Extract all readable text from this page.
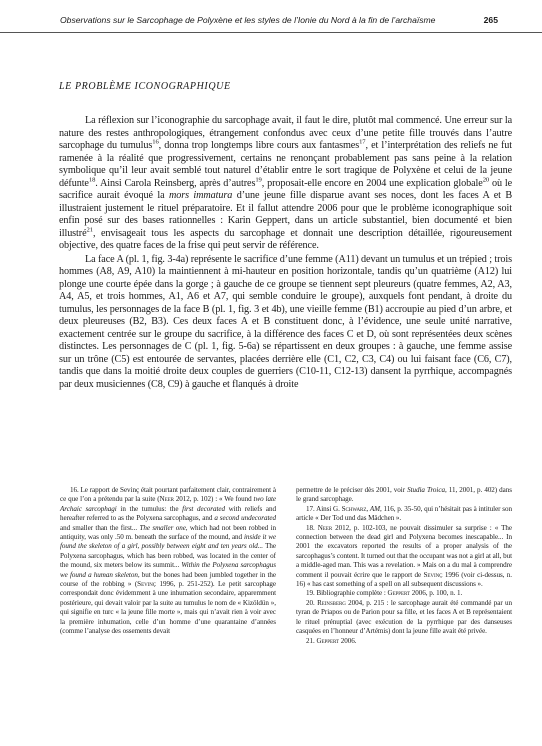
Observations sur le Sarcophage de Polyxène et les styles de l’Ionie du Nord à la fin de l’archaïsme	265
LE PROBLÈME ICONOGRAPHIQUE

La réflexion sur l’iconographie du sarcophage avait, il faut le dire, plutôt mal commencé. Une erreur sur la nature des restes anthropologiques, étrangement confondus avec ceux d’une petite fille trouvés dans l’autre sarcophage du tumulus$^{16}$, donna trop longtemps libre cours aux fantasmes$^{17}$, et l’interprétation des reliefs ne fut ramenée à la réalité que progressivement, certains ne renonçant probablement pas sans peine à la relation symbolique qu’il leur avait semblé tout naturel d’établir entre le sort tragique de Polyxène et celui de la jeune défunte$^{18}$. Ainsi Carola Reinsberg, après d’autres$^{19}$, proposait-elle encore en 2004 une explication globale$^{20}$ où le sacrifice aurait évoqué la mors immatura d’une jeune fille disparue avant ses noces, dont les faces A et B illustraient justement le rituel préparatoire. Et il fallut attendre 2006 pour que le problème iconographique soit enfin posé sur des bases rationnelles : Karin Geppert, dans un article substantiel, bien documenté et bien illustré$^{21}$, envisageait tous les aspects du sarcophage et donnait une description détaillée, rigoureusement objective, des quatre faces de la frise qui peut servir de référence.

La face A (pl. 1, fig. 3-4a) représente le sacrifice d’une femme (A11) devant un tumulus et un trépied ; trois hommes (A8, A9, A10) la maintiennent à mi-hauteur en position horizontale, tandis qu’un quatrième (A12) lui plonge une courte épée dans la gorge ; à gauche de ce groupe se tiennent sept pleureurs (quatre femmes, A2, A3, A4, A5, et trois hommes, A1, A6 et A7, qui semble conduire le groupe), auxquels font pendant, à droite du tumulus, les personnages de la face B (pl. 1, fig. 3 et 4b), une vieille femme (B1) accroupie au pied d’un arbre, et deux pleureuses (B2, B3). Ces deux faces A et B constituent donc, à l’évidence, une seule unité narrative, exactement centrée sur le groupe du sacrifice, à la différence des faces C et D, où sont représentées deux scènes distinctes. Les personnages de C (pl. 1, fig. 5-6a) se répartissent en deux groupes : à gauche, une femme assise sur un trône (C5) est entourée de servantes, placées derrière elle (C1, C2, C3, C4) ou lui faisant face (C6, C7), tandis que dans la moitié droite deux couples de guerriers (C10-11, C12-13) dansent la pyrrhique, accompagnés par deux musiciennes (C8, C9) à gauche et flanqués à droite

16. Le rapport de Sevinç était pourtant parfaitement clair, contrairement à ce que l’on a prétendu par la suite (Neer 2012, p. 102) : « We found two late Archaic sarcophagi in the tumulus: the first decorated with reliefs and hereafter referred to as the Polyxena sarcophagus, and a second undecorated and smaller than the first... The smaller one, which had not been robbed in antiquity, was only .50 m. beneath the surface of the mound, and inside it we found the skeleton of a girl, possibly between eight and ten years old... The Polyxena sarcophagus, which has been robbed, was located in the center of the mound, six meters below its summit... Within the Polyxena sarcophagus we found a human skeleton, but the bones had been jumbled together in the course of the robbing » (Sevinç 1996, p. 251-252). Le petit sarcophage correspondait donc évidemment à une inhumation secondaire, apparemment postérieure, qui devait valoir par la suite au tumulus le nom de « Kizöldün », qui signifie en turc « la jeune fille morte », mais qui n’avait rien à voir avec la première inhumation, celle d’un homme d’une quarantaine d’années (comme l’analyse des ossements devait

permettre de le préciser dès 2001, voir Studia Troica, 11, 2001, p. 402) dans le grand sarcophage.

17. Ainsi G. Schwarz, AM, 116, p. 35-50, qui n’hésitait pas à intituler son article « Der Tod und das Mädchen ».

18. Neer 2012, p. 102-103, ne pouvait dissimuler sa surprise : « The connection between the dead girl and Polyxena becomes inescapable... In 2001 the excavators reported the results of a proper analysis of the sarcophagus’s content. It turned out that the occupant was not a girl at all, but a middle-aged man. This was a revelation. » Mais on a du mal à comprendre comment il pouvait écrire que le rapport de Sevinç 1996 (voir ci-dessus, n. 16) « has cast something of a spell on all subsequent discussions ».

19. Bibliographie complète : Geppert 2006, p. 100, n. 1.

20. Reinsberg 2004, p. 215 : le sarcophage aurait été commandé par un tyran de Priapos ou de Parion pour sa fille, et les faces A et B représentaient le rituel prénuptial (avec exécution de la pyrrhique par des danseuses casquées en l’honneur d’Artémis) dont la jeune fille avait été privée.

21. Geppert 2006.
